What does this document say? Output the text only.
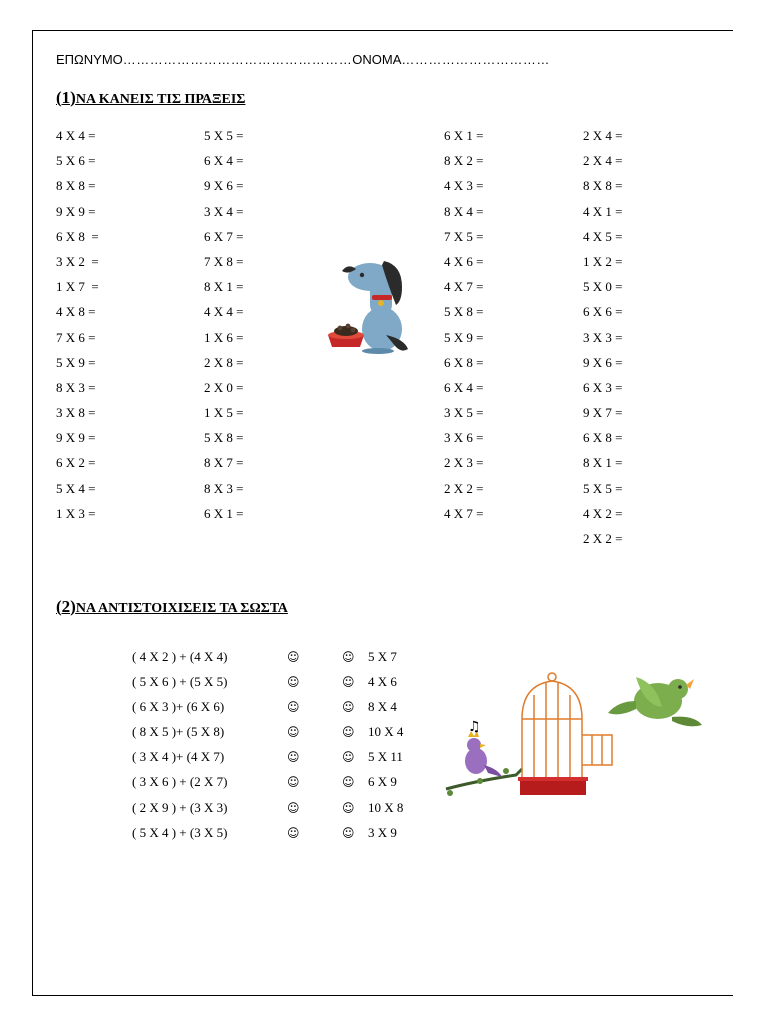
ΕΠΩΝΥΜΟ……………………………………………ΟΝΟΜΑ……………………………
(1)ΝΑ ΚΑΝΕΙΣ ΤΙΣ ΠΡΑΞΕΙΣ
4 X 4 =
5 X 6 =
8 X 8 =
9 X 9 =
6 X 8  =
3 X 2  =
1 X 7  =
4 X 8 =
7 X 6 =
5 X 9 =
8 X 3 =
3 X 8 =
9 X 9 =
6 X 2 =
5 X 4 =
1 X 3 =
5 X 5 =
6 X 4 =
9 X 6 =
3 X 4 =
6 X 7 =
7 X 8 =
8 X 1 =
4 X 4 =
1 X 6 =
2 X 8 =
2 X 0 =
1 X 5 =
5 X 8 =
8 X 7 =
8 X 3 =
6 X 1 =
6 X 1 =
8 X 2 =
4 X 3 =
8 X 4 =
7 X 5 =
4 X 6 =
4 X 7 =
5 X 8 =
5 X 9 =
6 X 8 =
6 X 4 =
3 X 5 =
3 X 6 =
2 X 3 =
2 X 2 =
4 X 7 =
2 X 4 =
2 X 4 =
8 X 8 =
4 X 1 =
4 X 5 =
1 X 2 =
5 X 0 =
6 X 6 =
3 X 3 =
9 X 6 =
6 X 3 =
9 X 7 =
6 X 8 =
8 X 1 =
5 X 5 =
4 X 2 =
2 X 2 =
(2)ΝΑ ΑΝΤΙΣΤΟΙΧΙΣΕΙΣ ΤΑ ΣΩΣΤΑ
( 4 X 2 ) + (4 X 4)	☺	☺ 5 X 7
( 5 X 6 ) + (5 X 5)	☺	☺ 4 X 6
( 6 X 3 )+ (6 X 6)	☺	☺ 8 X 4
( 8 X 5 )+ (5 X 8)	☺	☺ 10 X 4
( 3 X 4 )+ (4 X 7)	☺	☺ 5 X 11
( 3 X 6 ) + (2 X 7)	☺	☺ 6 X 9
( 2 X 9 ) + (3 X 3)	☺	☺ 10 X 8
( 5 X 4 ) + (3 X 5)	☺	☺ 3 X 9
♫
